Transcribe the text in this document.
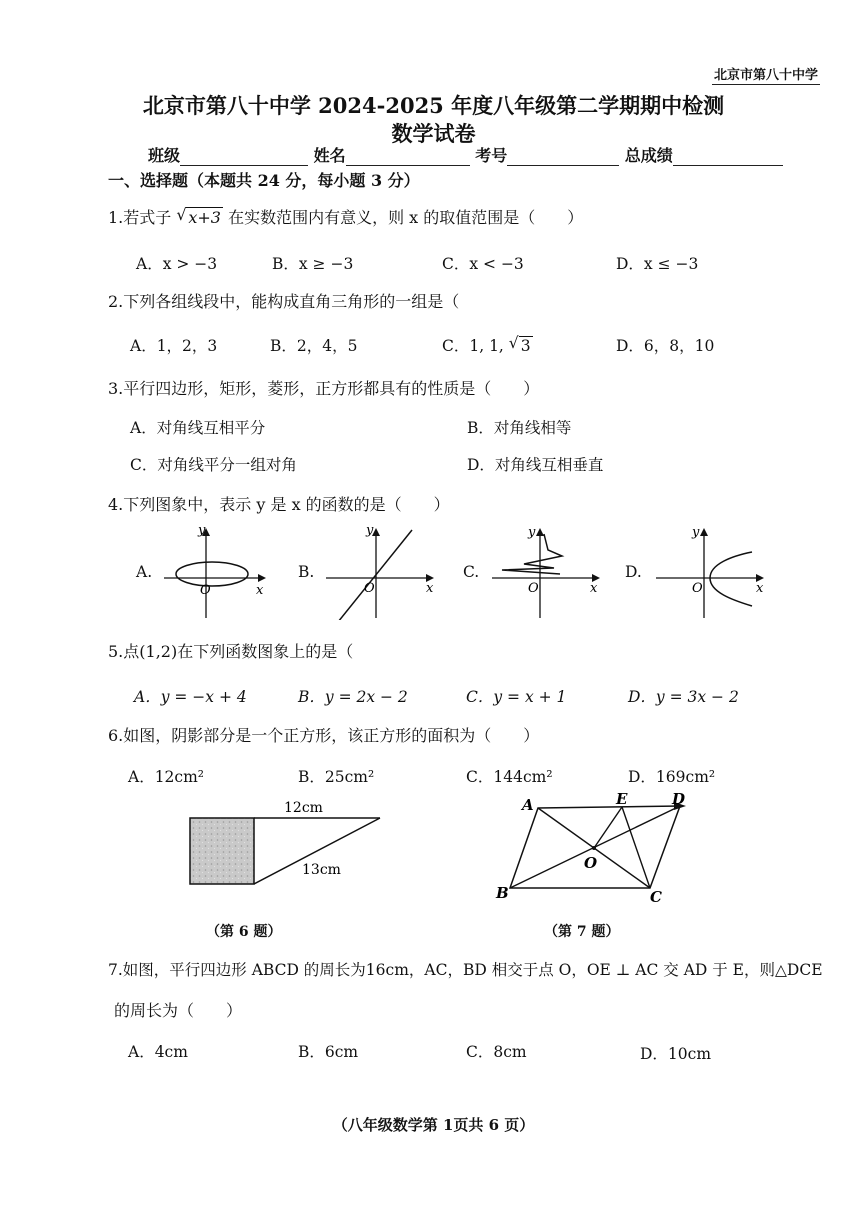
北京市第八十中学
北京市第八十中学 2024-2025 年度八年级第二学期期中检测
数学试卷
班级	姓名	考号	总成绩
一、选择题（本题共 24 分，每小题 3 分）
1.若式子 √ x+3 在实数范围内有意义，则 x 的取值范围是（　　）
A．x > −3	B．x ≥ −3	C．x < −3	D．x ≤ −3
2.下列各组线段中，能构成直角三角形的一组是（
A．1，2，3	B．2，4，5	C．1, 1, √ 3	D．6，8，10
3.平行四边形，矩形，菱形，正方形都具有的性质是（　　）
A．对角线互相平分	B．对角线相等
C．对角线平分一组对角	D．对角线互相垂直
4.下列图象中，表示 y 是 x 的函数的是（　　）
A.
y
O	x
B.
y
O	x
C.
y
O	x
D.
y
O	x
5.点(1,2)在下列函数图象上的是（
A．y = −x + 4	B．y = 2x − 2	C．y = x + 1	D．y = 3x − 2
6.如图，阴影部分是一个正方形，该正方形的面积为（　　）
A．12cm²	B．25cm²	C．144cm²	D．169cm²
12cm
13cm
（第 6 题）
A	E	D
O
B	C
（第 7 题）
7.如图，平行四边形 ABCD 的周长为16cm，AC，BD 相交于点 O，OE ⊥ AC 交 AD 于 E，则△DCE
的周长为（　　）
A．4cm	B．6cm	C．8cm	D．10cm
（八年级数学第 1页共 6 页）
